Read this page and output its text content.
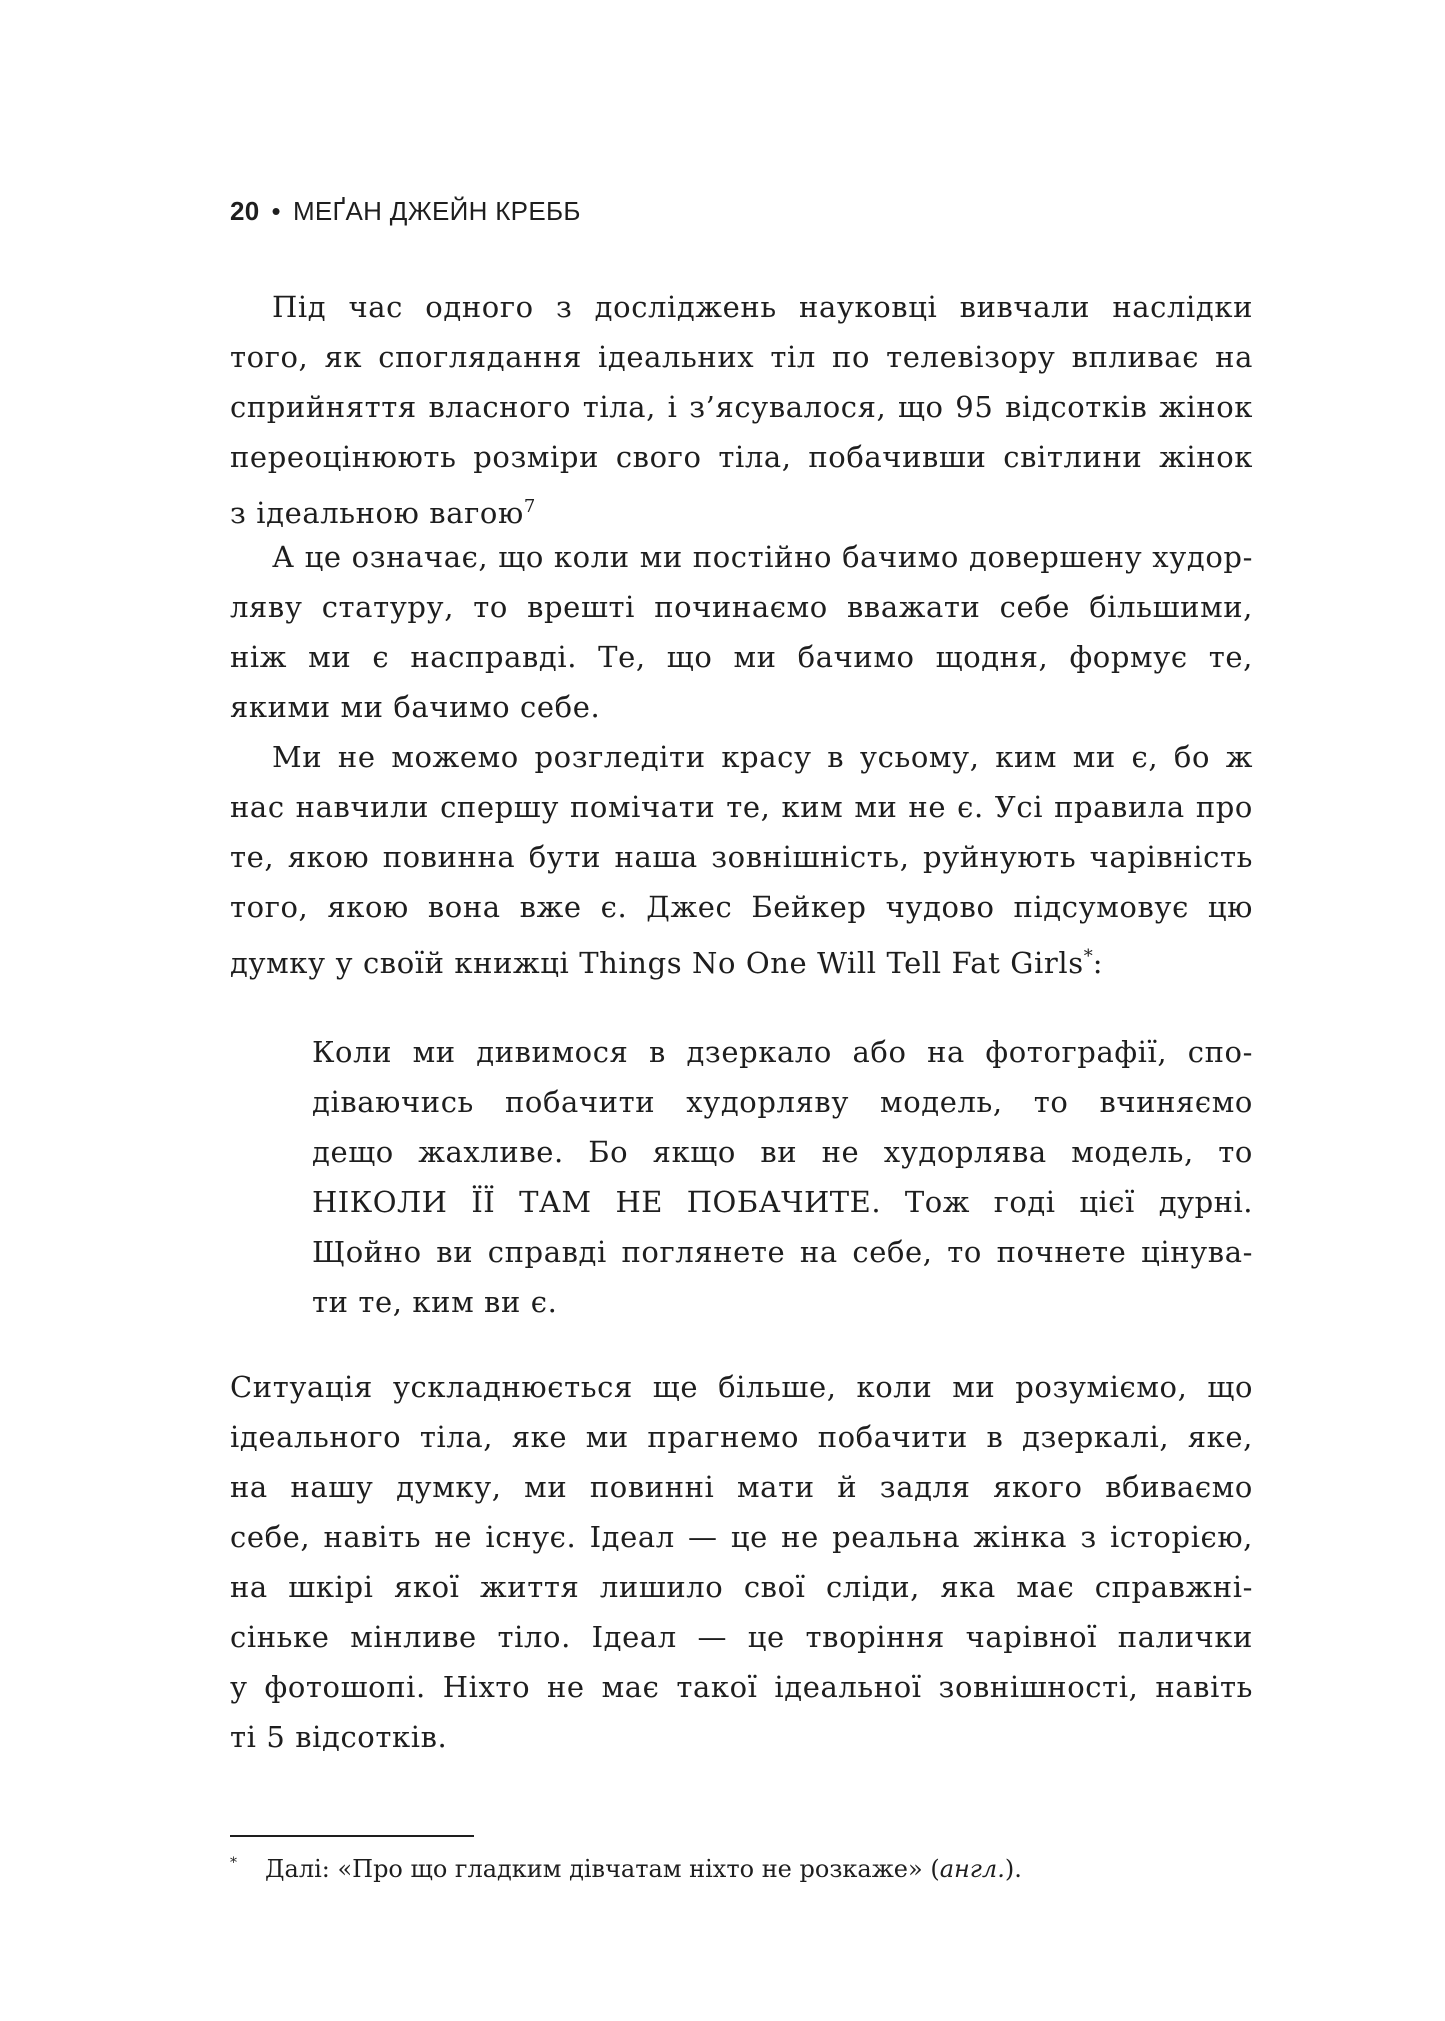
20 • МЕҐАН ДЖЕЙН КРЕББ
Під час одного з досліджень науковці вивчали наслідки
того, як споглядання ідеальних тіл по телевізору впливає на
сприйняття власного тіла, і з’ясувалося, що 95 відсотків жінок
переоцінюють розміри свого тіла, побачивши світлини жінок
з ідеальною вагою$^7$
А це означає, що коли ми постійно бачимо довершену худор-
ляву статуру, то врешті починаємо вважати себе більшими,
ніж ми є насправді. Те, що ми бачимо щодня, формує те,
якими ми бачимо себе.
Ми не можемо розгледіти красу в усьому, ким ми є, бо ж
нас навчили спершу помічати те, ким ми не є. Усі правила про
те, якою повинна бути наша зовнішність, руйнують чарівність
того, якою вона вже є. Джес Бейкер чудово підсумовує цю
думку у своїй книжці Things No One Will Tell Fat Girls*:
Коли ми дивимося в дзеркало або на фотографії, спо-
діваючись побачити худорляву модель, то вчиняємо
дещо жахливе. Бо якщо ви не худорлява модель, то
НІКОЛИ ЇЇ ТАМ НЕ ПОБАЧИТЕ. Тож годі цієї дурні.
Щойно ви справді поглянете на себе, то почнете цінува-
ти те, ким ви є.
Ситуація ускладнюється ще більше, коли ми розуміємо, що
ідеального тіла, яке ми прагнемо побачити в дзеркалі, яке,
на нашу думку, ми повинні мати й задля якого вбиваємо
себе, навіть не існує. Ідеал — це не реальна жінка з історією,
на шкірі якої життя лишило свої сліди, яка має справжні-
сіньке мінливе тіло. Ідеал — це творіння чарівної палички
у фотошопі. Ніхто не має такої ідеальної зовнішності, навіть
ті 5 відсотків.
* Далі: «Про що гладким дівчатам ніхто не розкаже» (англ.).
